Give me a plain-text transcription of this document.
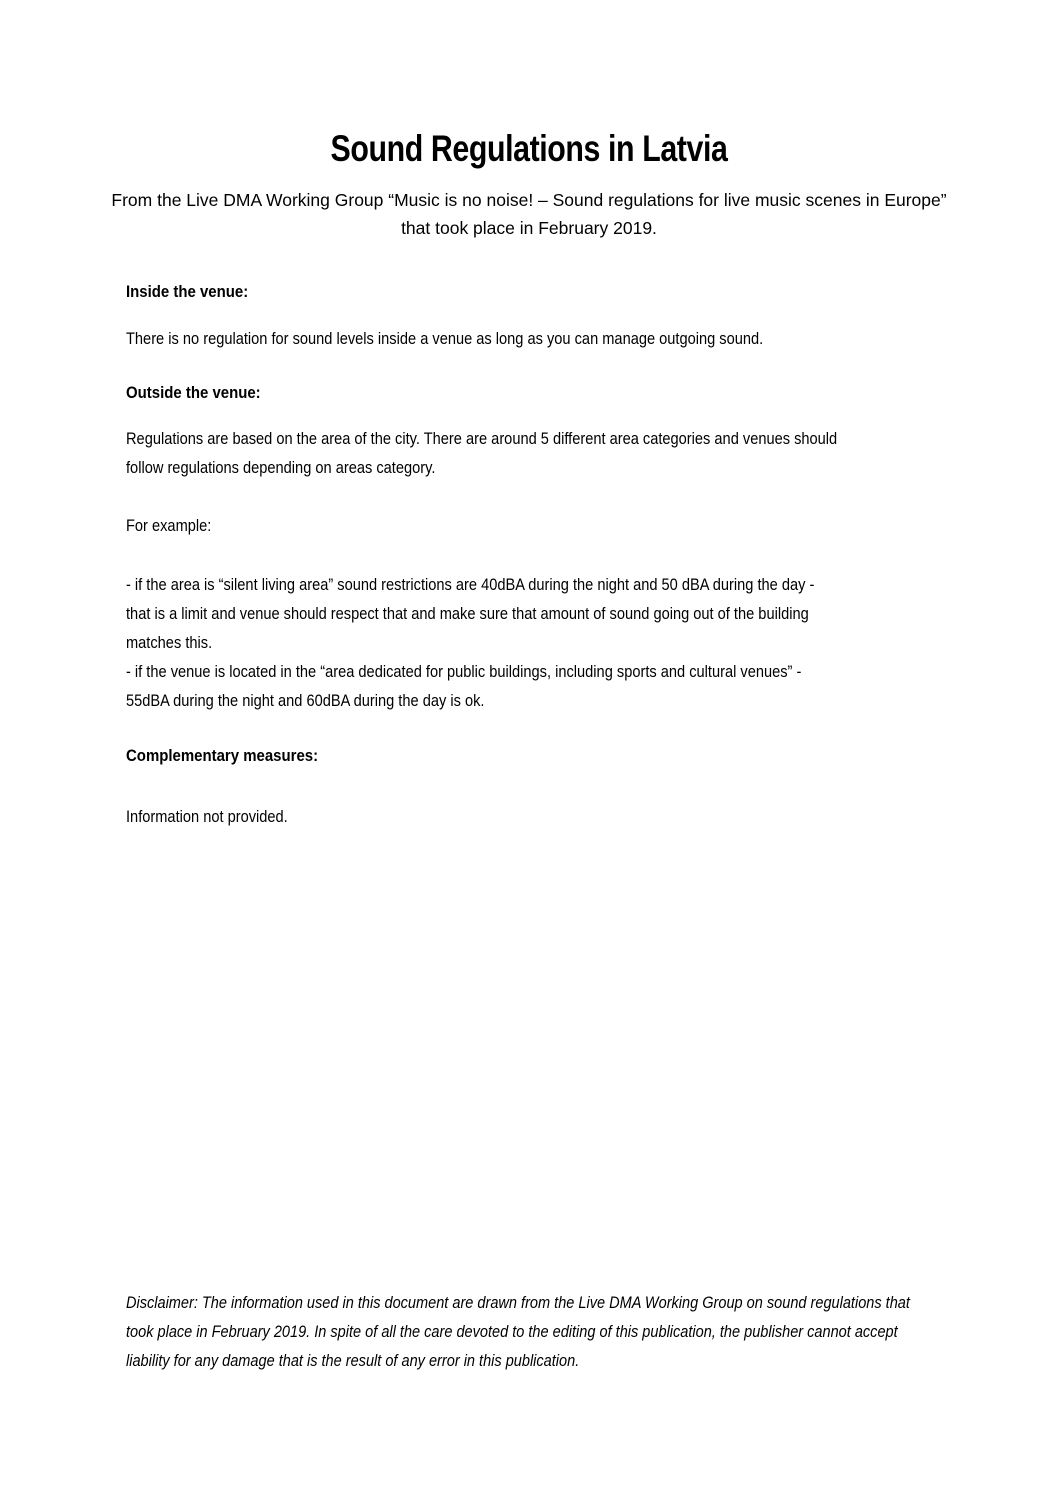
Sound Regulations in Latvia

From the Live DMA Working Group “Music is no noise! – Sound regulations for live music scenes in Europe”
that took place in February 2019.

Inside the venue:

There is no regulation for sound levels inside a venue as long as you can manage outgoing sound.

Outside the venue:

Regulations are based on the area of the city. There are around 5 different area categories and venues should
follow regulations depending on areas category.

For example:

- if the area is “silent living area” sound restrictions are 40dBA during the night and 50 dBA during the day -
that is a limit and venue should respect that and make sure that amount of sound going out of the building
matches this.
- if the venue is located in the “area dedicated for public buildings, including sports and cultural venues” -
55dBA during the night and 60dBA during the day is ok.

Complementary measures:

Information not provided.

Disclaimer: The information used in this document are drawn from the Live DMA Working Group on sound regulations that
took place in February 2019. In spite of all the care devoted to the editing of this publication, the publisher cannot accept
liability for any damage that is the result of any error in this publication.
